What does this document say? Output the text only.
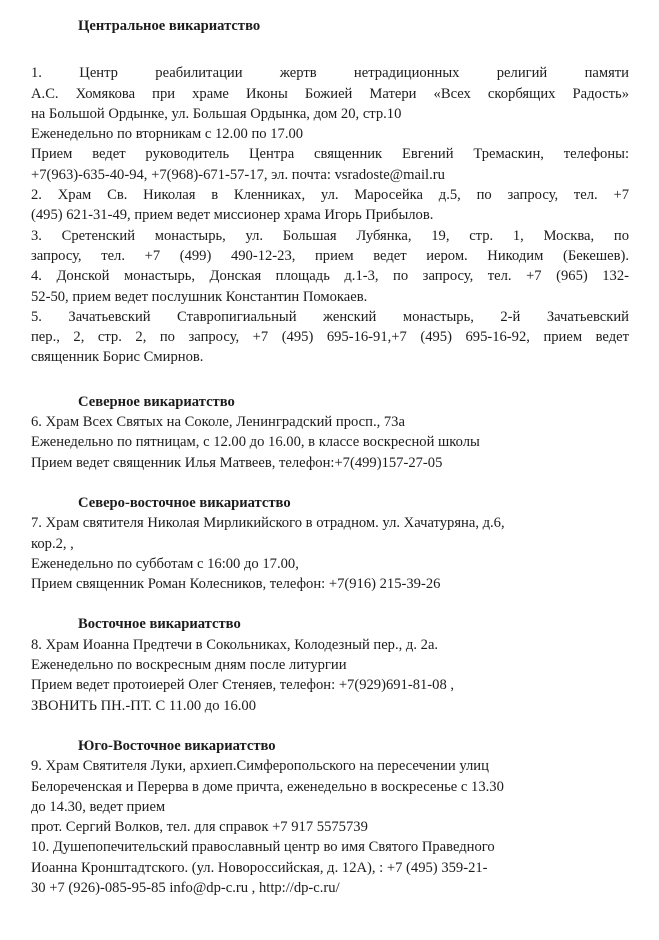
Центральное викариатство
1. Центр реабилитации жертв нетрадиционных религий памяти
А.С. Хомякова при храме Иконы Божией Матери «Всех скорбящих Радость»
на Большой Ордынке, ул. Большая Ордынка, дом 20, стр.10
Еженедельно по вторникам с 12.00 по 17.00
Прием ведет руководитель Центра священник Евгений Тремаскин, телефоны:
+7(963)-635-40-94, +7(968)-671-57-17, эл. почта: vsradoste@mail.ru
2. Храм Св. Николая в Кленниках, ул. Маросейка д.5, по запросу, тел. +7
(495) 621-31-49, прием ведет миссионер храма Игорь Прибылов.
3. Сретенский монастырь, ул. Большая Лубянка, 19, стр. 1, Москва, по
запросу, тел. +7 (499) 490-12-23, прием ведет иером. Никодим (Бекешев).
4. Донской монастырь, Донская площадь д.1-3, по запросу, тел. +7 (965) 132-
52-50, прием ведет послушник Константин Помокаев.
5. Зачатьевский Ставропигиальный женский монастырь, 2-й Зачатьевский
пер., 2, стр. 2, по запросу, +7 (495) 695-16-91,+7 (495) 695-16-92, прием ведет
священник Борис Смирнов.
Северное викариатство
6. Храм Всех Святых на Соколе, Ленинградский просп., 73а
Еженедельно по пятницам, с 12.00 до 16.00, в классе воскресной школы
Прием ведет священник Илья Матвеев, телефон:+7(499)157-27-05
Северо-восточное викариатство
7. Храм святителя Николая Мирликийского в отрадном. ул. Хачатуряна, д.6,
кор.2, ,
Еженедельно по субботам с 16:00 до 17.00,
Прием священник Роман Колесников, телефон: +7(916) 215-39-26
Восточное викариатство
8. Храм Иоанна Предтечи в Сокольниках, Колодезный пер., д. 2а.
Еженедельно по воскресным дням после литургии
Прием ведет протоиерей Олег Стеняев, телефон: +7(929)691-81-08 ,
ЗВОНИТЬ ПН.-ПТ. С 11.00 до 16.00
Юго-Восточное викариатство
9. Храм Святителя Луки, архиеп.Симферопольского на пересечении улиц
Белореченская и Перерва в доме причта, еженедельно в воскресенье с 13.30
до 14.30, ведет прием
прот. Сергий Волков, тел. для справок +7 917 5575739
10. Душепопечительский православный центр во имя Святого Праведного
Иоанна Кронштадтского. (ул. Новороссийская, д. 12А), : +7 (495) 359-21-
30 +7 (926)-085-95-85 info@dp-c.ru , http://dp-c.ru/
